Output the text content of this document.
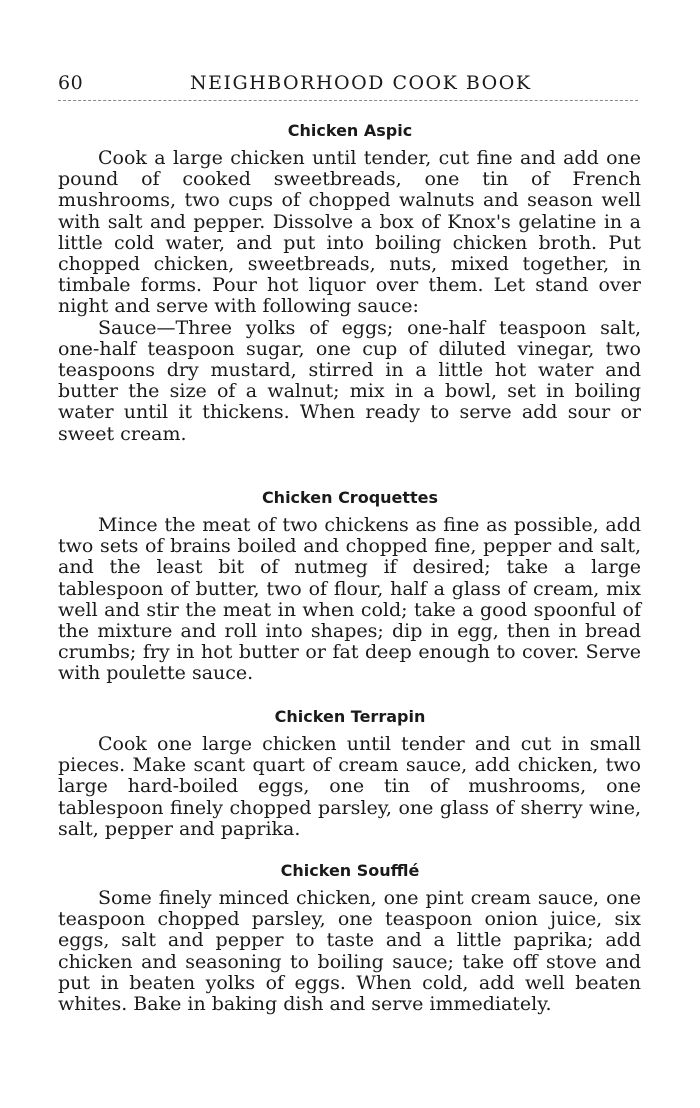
60	NEIGHBORHOOD COOK BOOK
Chicken Aspic

Cook a large chicken until tender, cut fine and add one pound of cooked sweetbreads, one tin of French mushrooms, two cups of chopped walnuts and season well with salt and pepper. Dissolve a box of Knox's gelatine in a little cold water, and put into boiling chicken broth. Put chopped chicken, sweetbreads, nuts, mixed together, in timbale forms. Pour hot liquor over them. Let stand over night and serve with following sauce:

Sauce—Three yolks of eggs; one-half teaspoon salt, one-half teaspoon sugar, one cup of diluted vinegar, two teaspoons dry mustard, stirred in a little hot water and butter the size of a walnut; mix in a bowl, set in boiling water until it thickens. When ready to serve add sour or sweet cream.

Chicken Croquettes

Mince the meat of two chickens as fine as possible, add two sets of brains boiled and chopped fine, pepper and salt, and the least bit of nutmeg if desired; take a large tablespoon of butter, two of flour, half a glass of cream, mix well and stir the meat in when cold; take a good spoonful of the mixture and roll into shapes; dip in egg, then in bread crumbs; fry in hot butter or fat deep enough to cover. Serve with poulette sauce.

Chicken Terrapin

Cook one large chicken until tender and cut in small pieces. Make scant quart of cream sauce, add chicken, two large hard-boiled eggs, one tin of mushrooms, one tablespoon finely chopped parsley, one glass of sherry wine, salt, pepper and paprika.

Chicken Soufflé

Some finely minced chicken, one pint cream sauce, one teaspoon chopped parsley, one teaspoon onion juice, six eggs, salt and pepper to taste and a little paprika; add chicken and seasoning to boiling sauce; take off stove and put in beaten yolks of eggs. When cold, add well beaten whites. Bake in baking dish and serve immediately.
